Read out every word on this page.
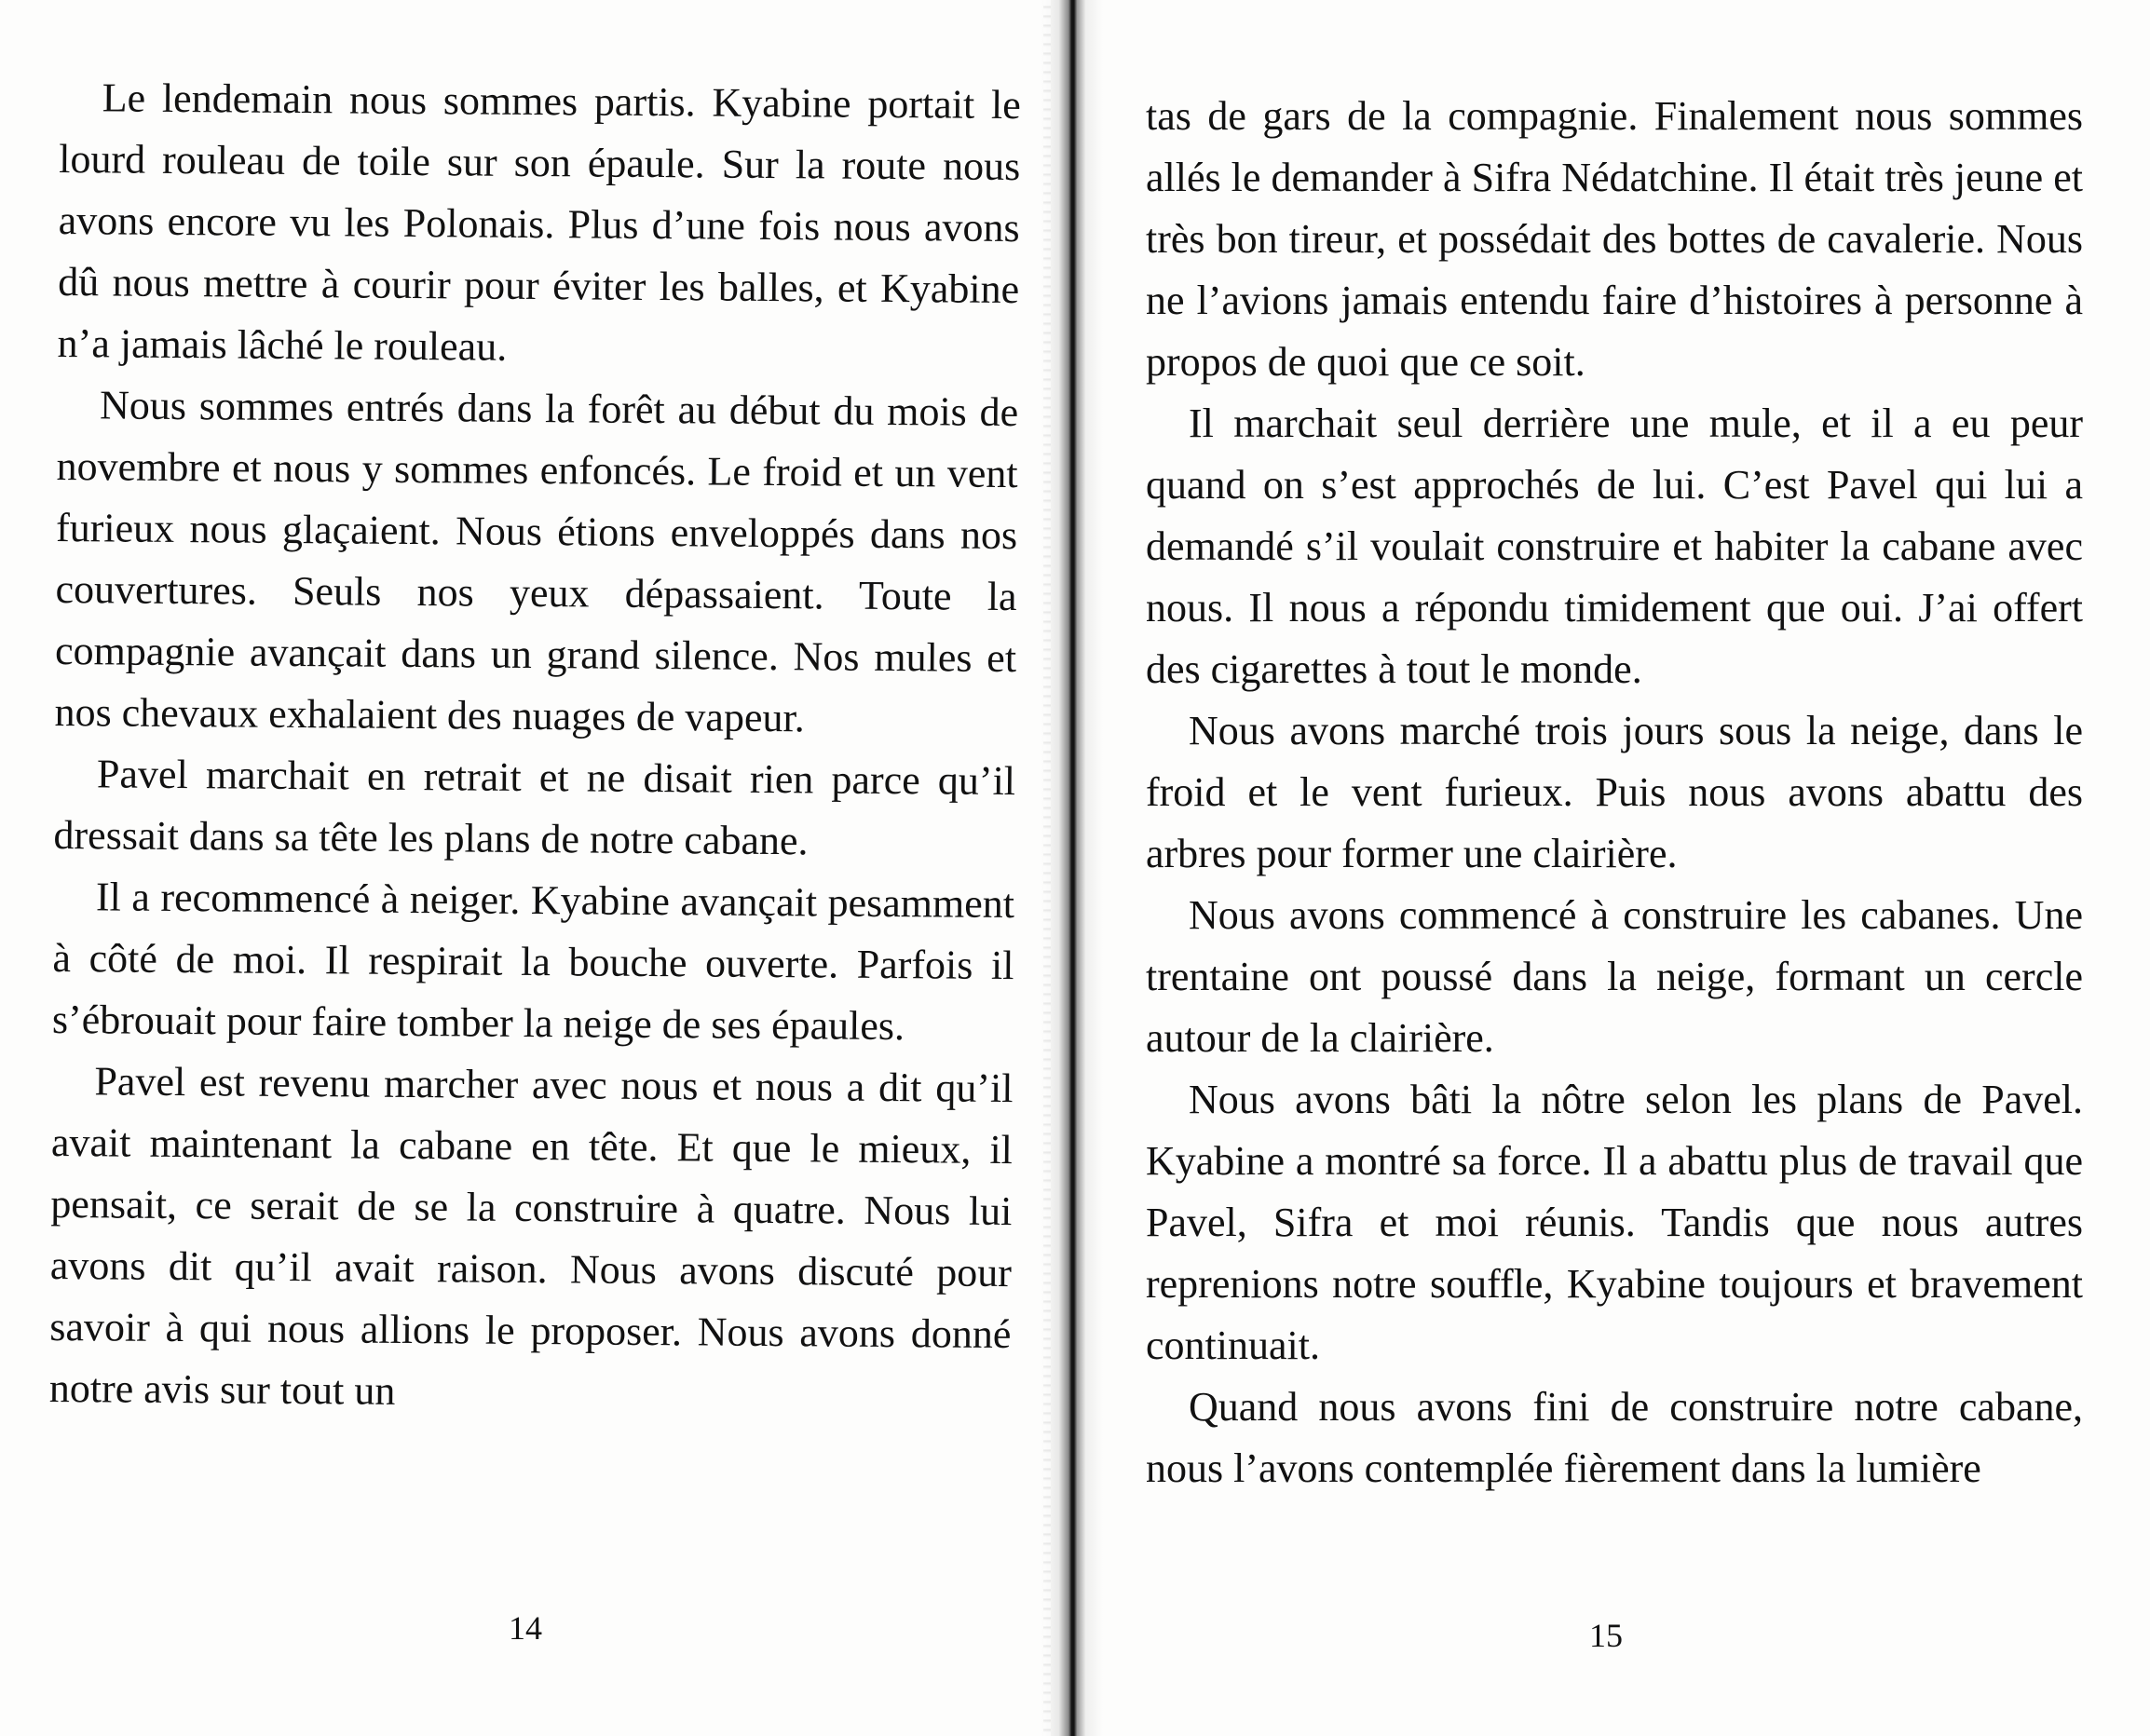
Le lendemain nous sommes partis. Kyabine portait le lourd rouleau de toile sur son épaule. Sur la route nous avons encore vu les Polonais. Plus d’une fois nous avons dû nous mettre à courir pour éviter les balles, et Kyabine n’a jamais lâché le rouleau.

Nous sommes entrés dans la forêt au début du mois de novembre et nous y sommes enfoncés. Le froid et un vent furieux nous glaçaient. Nous étions enveloppés dans nos couvertures. Seuls nos yeux dépassaient. Toute la compagnie avançait dans un grand silence. Nos mules et nos chevaux exhalaient des nuages de vapeur.

Pavel marchait en retrait et ne disait rien parce qu’il dressait dans sa tête les plans de notre cabane.

Il a recommencé à neiger. Kyabine avançait pesamment à côté de moi. Il respirait la bouche ouverte. Parfois il s’ébrouait pour faire tomber la neige de ses épaules.

Pavel est revenu marcher avec nous et nous a dit qu’il avait maintenant la cabane en tête. Et que le mieux, il pensait, ce serait de se la construire à quatre. Nous lui avons dit qu’il avait raison. Nous avons discuté pour savoir à qui nous allions le proposer. Nous avons donné notre avis sur tout un

14

tas de gars de la compagnie. Finalement nous sommes allés le demander à Sifra Nédatchine. Il était très jeune et très bon tireur, et possédait des bottes de cavalerie. Nous ne l’avions jamais entendu faire d’histoires à personne à propos de quoi que ce soit.

Il marchait seul derrière une mule, et il a eu peur quand on s’est approchés de lui. C’est Pavel qui lui a demandé s’il voulait construire et habiter la cabane avec nous. Il nous a répondu timidement que oui. J’ai offert des cigarettes à tout le monde.

Nous avons marché trois jours sous la neige, dans le froid et le vent furieux. Puis nous avons abattu des arbres pour former une clairière.

Nous avons commencé à construire les cabanes. Une trentaine ont poussé dans la neige, formant un cercle autour de la clairière.

Nous avons bâti la nôtre selon les plans de Pavel. Kyabine a montré sa force. Il a abattu plus de travail que Pavel, Sifra et moi réunis. Tandis que nous autres reprenions notre souffle, Kyabine toujours et bravement continuait.

Quand nous avons fini de construire notre cabane, nous l’avons contemplée fièrement dans la lumière

15
